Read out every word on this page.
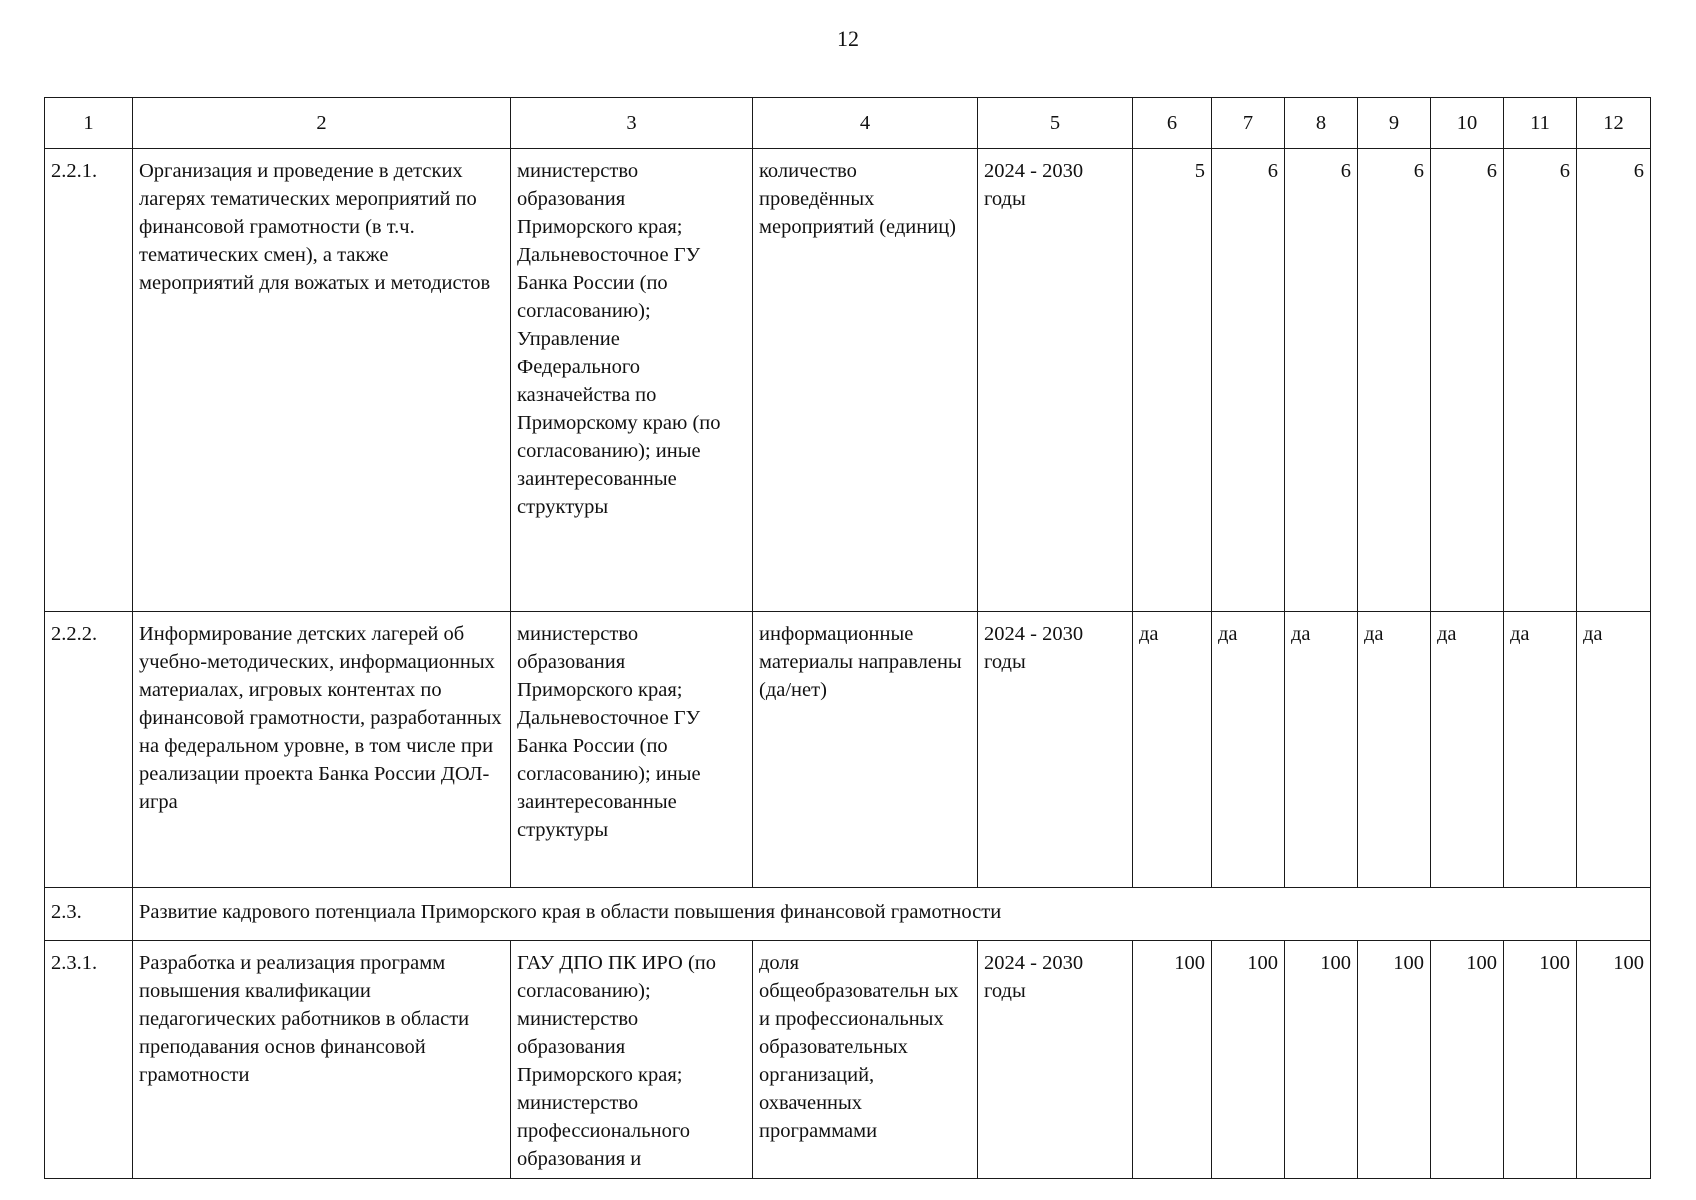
12
1	2	3	4	5	6	7	8	9	10	11	12
2.2.1.	Организация и проведение в детских лагерях тематических мероприятий по финансовой грамотности (в т.ч. тематических смен), а также мероприятий для вожатых и методистов	министерство образования Приморского края; Дальневосточное ГУ Банка России (по согласованию); Управление Федерального казначейства по Приморскому краю (по согласованию); иные заинтересованные структуры	количество проведённых мероприятий (единиц)	2024 - 2030 годы	5	6	6	6	6	6	6
2.2.2.	Информирование детских лагерей об учебно-методических, информационных материалах, игровых контентах по финансовой грамотности, разработанных на федеральном уровне, в том числе при реализации проекта Банка России ДОЛ-игра	министерство образования Приморского края; Дальневосточное ГУ Банка России (по согласованию); иные заинтересованные структуры	информационные материалы направлены (да/нет)	2024 - 2030 годы	да	да	да	да	да	да	да
2.3.	Развитие кадрового потенциала Приморского края в области повышения финансовой грамотности										
2.3.1.	Разработка и реализация программ повышения квалификации педагогических работников в области преподавания основ финансовой грамотности	ГАУ ДПО ПК ИРО (по согласованию); министерство образования Приморского края; министерство профессионального образования и	доля общеобразовательн ых и профессиональных образовательных организаций, охваченных программами	2024 - 2030 годы	100	100	100	100	100	100	100
